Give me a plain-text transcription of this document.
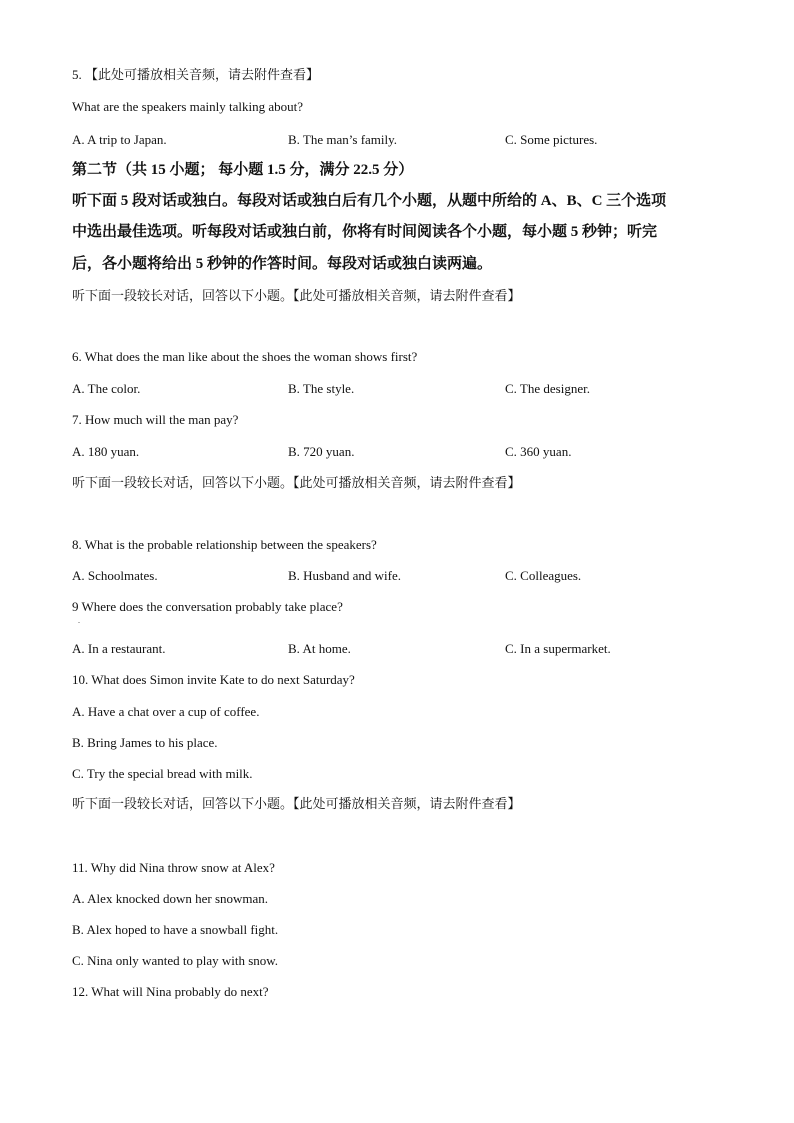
5. 【此处可播放相关音频，请去附件查看】
What are the speakers mainly talking about?
A. A trip to Japan.	B. The man’s family.	C. Some pictures.
第二节（共 15 小题； 每小题 1.5 分，满分 22.5 分）
听下面 5 段对话或独白。每段对话或独白后有几个小题，从题中所给的 A、B、C 三个选项
中选出最佳选项。听每段对话或独白前，你将有时间阅读各个小题，每小题 5 秒钟；听完
后，各小题将给出 5 秒钟的作答时间。每段对话或独白读两遍。
听下面一段较长对话，回答以下小题。【此处可播放相关音频，请去附件查看】
6. What does the man like about the shoes the woman shows first?
A. The color.	B. The style.	C. The designer.
7. How much will the man pay?
A. 180 yuan.	B. 720 yuan.	C. 360 yuan.
听下面一段较长对话，回答以下小题。【此处可播放相关音频，请去附件查看】
8. What is the probable relationship between the speakers?
A. Schoolmates.	B. Husband and wife.	C. Colleagues.
9 Where does the conversation probably take place?
.
A. In a restaurant.	B. At home.	C. In a supermarket.
10. What does Simon invite Kate to do next Saturday?
A. Have a chat over a cup of coffee.
B. Bring James to his place.
C. Try the special bread with milk.
听下面一段较长对话，回答以下小题。【此处可播放相关音频，请去附件查看】
11. Why did Nina throw snow at Alex?
A. Alex knocked down her snowman.
B. Alex hoped to have a snowball fight.
C. Nina only wanted to play with snow.
12. What will Nina probably do next?
